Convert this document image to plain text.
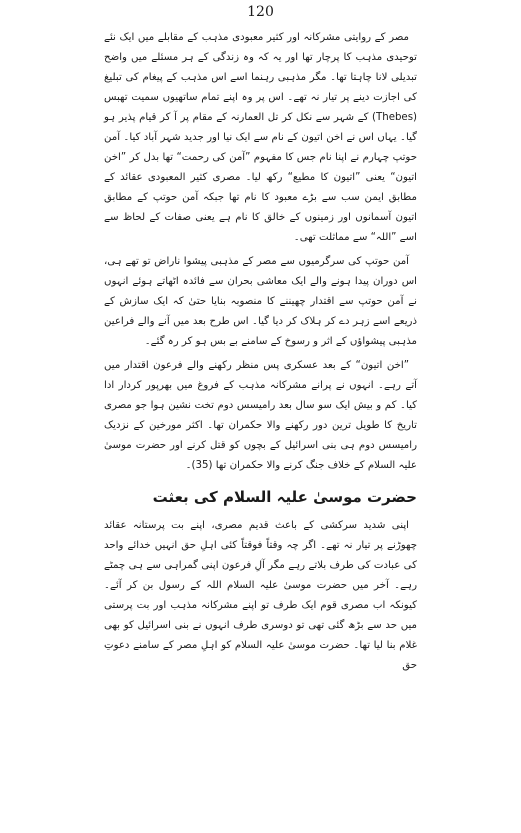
120

مصر کے روایتی مشرکانہ اور کثیر معبودی مذہب کے مقابلے میں ایک نئے توحیدی مذہب کا پرچار تھا اور یہ کہ وہ زندگی کے ہر مسئلے میں واضح تبدیلی لانا چاہتا تھا۔ مگر مذہبی رہنما اسے اس مذہب کے پیغام کی تبلیغ کی اجازت دینے پر تیار نہ تھے۔ اس پر وہ اپنے تمام ساتھیوں سمیت تھبس (Thebes) کے شہر سے نکل کر تل العمارنہ کے مقام پر آ کر قیام پذیر ہو گیا۔ یہاں اس نے اخن اتیون کے نام سے ایک نیا اور جدید شہر آباد کیا۔ آمن حوتپ چہارم نے اپنا نام جس کا مفہوم ”آمن کی رحمت“ تھا بدل کر ”اخن اتیون“ یعنی ”اتیون کا مطیع“ رکھ لیا۔ مصری کثیر المعبودی عقائد کے مطابق ایمن سب سے بڑے معبود کا نام تھا جبکہ آمن حوتپ کے مطابق اتیون آسمانوں اور زمینوں کے خالق کا نام ہے یعنی صفات کے لحاظ سے اسے ”اللہ“ سے مماثلت تھی۔

آمن حوتپ کی سرگرمیوں سے مصر کے مذہبی پیشوا ناراض تو تھے ہی، اس دوران پیدا ہونے والے ایک معاشی بحران سے فائدہ اٹھاتے ہوئے انہوں نے آمن حوتپ سے اقتدار چھیننے کا منصوبہ بنایا حتیٰ کہ ایک سازش کے ذریعے اسے زہر دے کر ہلاک کر دیا گیا۔ اس طرح بعد میں آنے والے فراعین مذہبی پیشواؤں کے اثر و رسوخ کے سامنے بے بس ہو کر رہ گئے۔

”اخن اتیون“ کے بعد عسکری پس منظر رکھنے والے فرعون اقتدار میں آتے رہے۔ انہوں نے پرانے مشرکانہ مذہب کے فروغ میں بھرپور کردار ادا کیا۔ کم و بیش ایک سو سال بعد رامیسس دوم تخت نشین ہوا جو مصری تاریخ کا طویل ترین دور رکھنے والا حکمران تھا۔ اکثر مورخین کے نزدیک رامیسس دوم ہی بنی اسرائیل کے بچوں کو قتل کرنے اور حضرت موسیٰ علیہ السلام کے خلاف جنگ کرنے والا حکمران تھا (35)۔

حضرت موسیٰ علیہ السلام کی بعثت

اپنی شدید سرکشی کے باعث قدیم مصری، اپنے بت پرستانہ عقائد چھوڑنے پر تیار نہ تھے۔ اگر چہ وقتاً فوقتاً کئی اہلِ حق انہیں خدائے واحد کی عبادت کی طرف بلاتے رہے مگر آلِ فرعون اپنی گمراہی سے ہی چمٹے رہے۔ آخر میں حضرت موسیٰ علیہ السلام اللہ کے رسول بن کر آئے۔ کیونکہ اب مصری قوم ایک طرف تو اپنے مشرکانہ مذہب اور بت پرستی میں حد سے بڑھ گئی تھی تو دوسری طرف انہوں نے بنی اسرائیل کو بھی غلام بنا لیا تھا۔ حضرت موسیٰ علیہ السلام کو اہلِ مصر کے سامنے دعوتِ حق
